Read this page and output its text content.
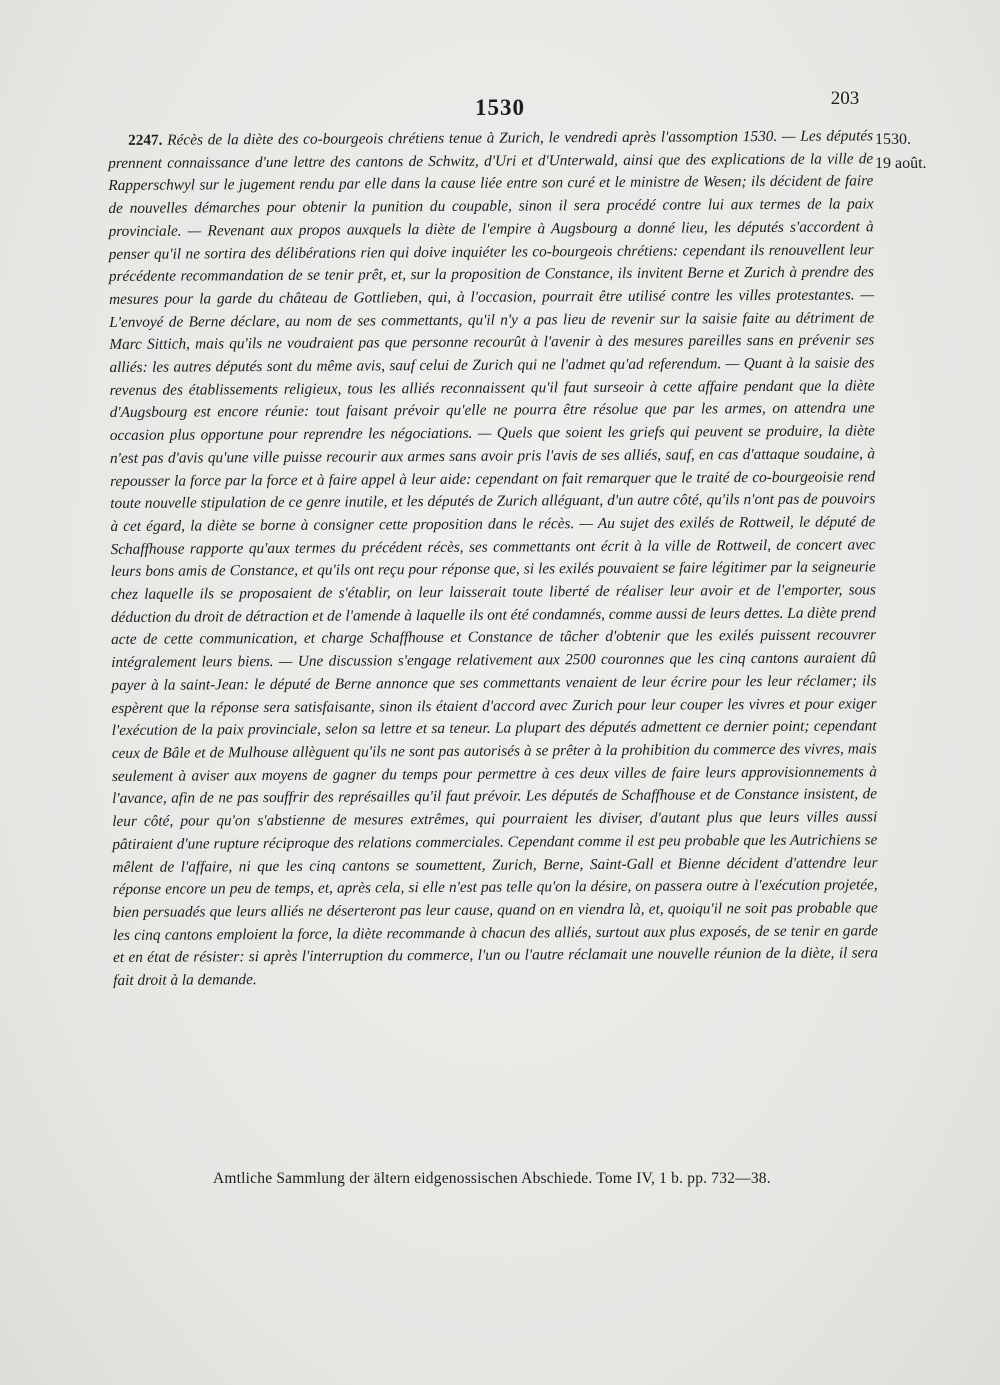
1530	203
1530.
19 août.
2247. Récès de la diète des co-bourgeois chrétiens tenue à Zurich, le vendredi après l'assomption 1530. — Les députés prennent connaissance d'une lettre des cantons de Schwitz, d'Uri et d'Unterwald, ainsi que des explications de la ville de Rapperschwyl sur le jugement rendu par elle dans la cause liée entre son curé et le ministre de Wesen; ils décident de faire de nouvelles démarches pour obtenir la punition du coupable, sinon il sera procédé contre lui aux termes de la paix provinciale. — Revenant aux propos auxquels la diète de l'empire à Augsbourg a donné lieu, les députés s'accordent à penser qu'il ne sortira des délibérations rien qui doive inquiéter les co-bourgeois chrétiens: cependant ils renouvellent leur précédente recommandation de se tenir prêt, et, sur la proposition de Constance, ils invitent Berne et Zurich à prendre des mesures pour la garde du château de Gottlieben, qui, à l'occasion, pourrait être utilisé contre les villes protestantes. — L'envoyé de Berne déclare, au nom de ses commettants, qu'il n'y a pas lieu de revenir sur la saisie faite au détriment de Marc Sittich, mais qu'ils ne voudraient pas que personne recourût à l'avenir à des mesures pareilles sans en prévenir ses alliés: les autres députés sont du même avis, sauf celui de Zurich qui ne l'admet qu'ad referendum. — Quant à la saisie des revenus des établissements religieux, tous les alliés reconnaissent qu'il faut surseoir à cette affaire pendant que la diète d'Augsbourg est encore réunie: tout faisant prévoir qu'elle ne pourra être résolue que par les armes, on attendra une occasion plus opportune pour reprendre les négociations. — Quels que soient les griefs qui peuvent se produire, la diète n'est pas d'avis qu'une ville puisse recourir aux armes sans avoir pris l'avis de ses alliés, sauf, en cas d'attaque soudaine, à repousser la force par la force et à faire appel à leur aide: cependant on fait remarquer que le traité de co-bourgeoisie rend toute nouvelle stipulation de ce genre inutile, et les députés de Zurich alléguant, d'un autre côté, qu'ils n'ont pas de pouvoirs à cet égard, la diète se borne à consigner cette proposition dans le récès. — Au sujet des exilés de Rottweil, le député de Schaffhouse rapporte qu'aux termes du précédent récès, ses commettants ont écrit à la ville de Rottweil, de concert avec leurs bons amis de Constance, et qu'ils ont reçu pour réponse que, si les exilés pouvaient se faire légitimer par la seigneurie chez laquelle ils se proposaient de s'établir, on leur laisserait toute liberté de réaliser leur avoir et de l'emporter, sous déduction du droit de détraction et de l'amende à laquelle ils ont été condamnés, comme aussi de leurs dettes. La diète prend acte de cette communication, et charge Schaffhouse et Constance de tâcher d'obtenir que les exilés puissent recouvrer intégralement leurs biens. — Une discussion s'engage relativement aux 2500 couronnes que les cinq cantons auraient dû payer à la saint-Jean: le député de Berne annonce que ses commettants venaient de leur écrire pour les leur réclamer; ils espèrent que la réponse sera satisfaisante, sinon ils étaient d'accord avec Zurich pour leur couper les vivres et pour exiger l'exécution de la paix provinciale, selon sa lettre et sa teneur. La plupart des députés admettent ce dernier point; cependant ceux de Bâle et de Mulhouse allèguent qu'ils ne sont pas autorisés à se prêter à la prohibition du commerce des vivres, mais seulement à aviser aux moyens de gagner du temps pour permettre à ces deux villes de faire leurs approvisionnements à l'avance, afin de ne pas souffrir des représailles qu'il faut prévoir. Les députés de Schaffhouse et de Constance insistent, de leur côté, pour qu'on s'abstienne de mesures extrêmes, qui pourraient les diviser, d'autant plus que leurs villes aussi pâtiraient d'une rupture réciproque des relations commerciales. Cependant comme il est peu probable que les Autrichiens se mêlent de l'affaire, ni que les cinq cantons se soumettent, Zurich, Berne, Saint-Gall et Bienne décident d'attendre leur réponse encore un peu de temps, et, après cela, si elle n'est pas telle qu'on la désire, on passera outre à l'exécution projetée, bien persuadés que leurs alliés ne déserteront pas leur cause, quand on en viendra là, et, quoiqu'il ne soit pas probable que les cinq cantons emploient la force, la diète recommande à chacun des alliés, surtout aux plus exposés, de se tenir en garde et en état de résister: si après l'interruption du commerce, l'un ou l'autre réclamait une nouvelle réunion de la diète, il sera fait droit à la demande.
Amtliche Sammlung der ältern eidgenossischen Abschiede. Tome IV, 1 b. pp. 732—38.
